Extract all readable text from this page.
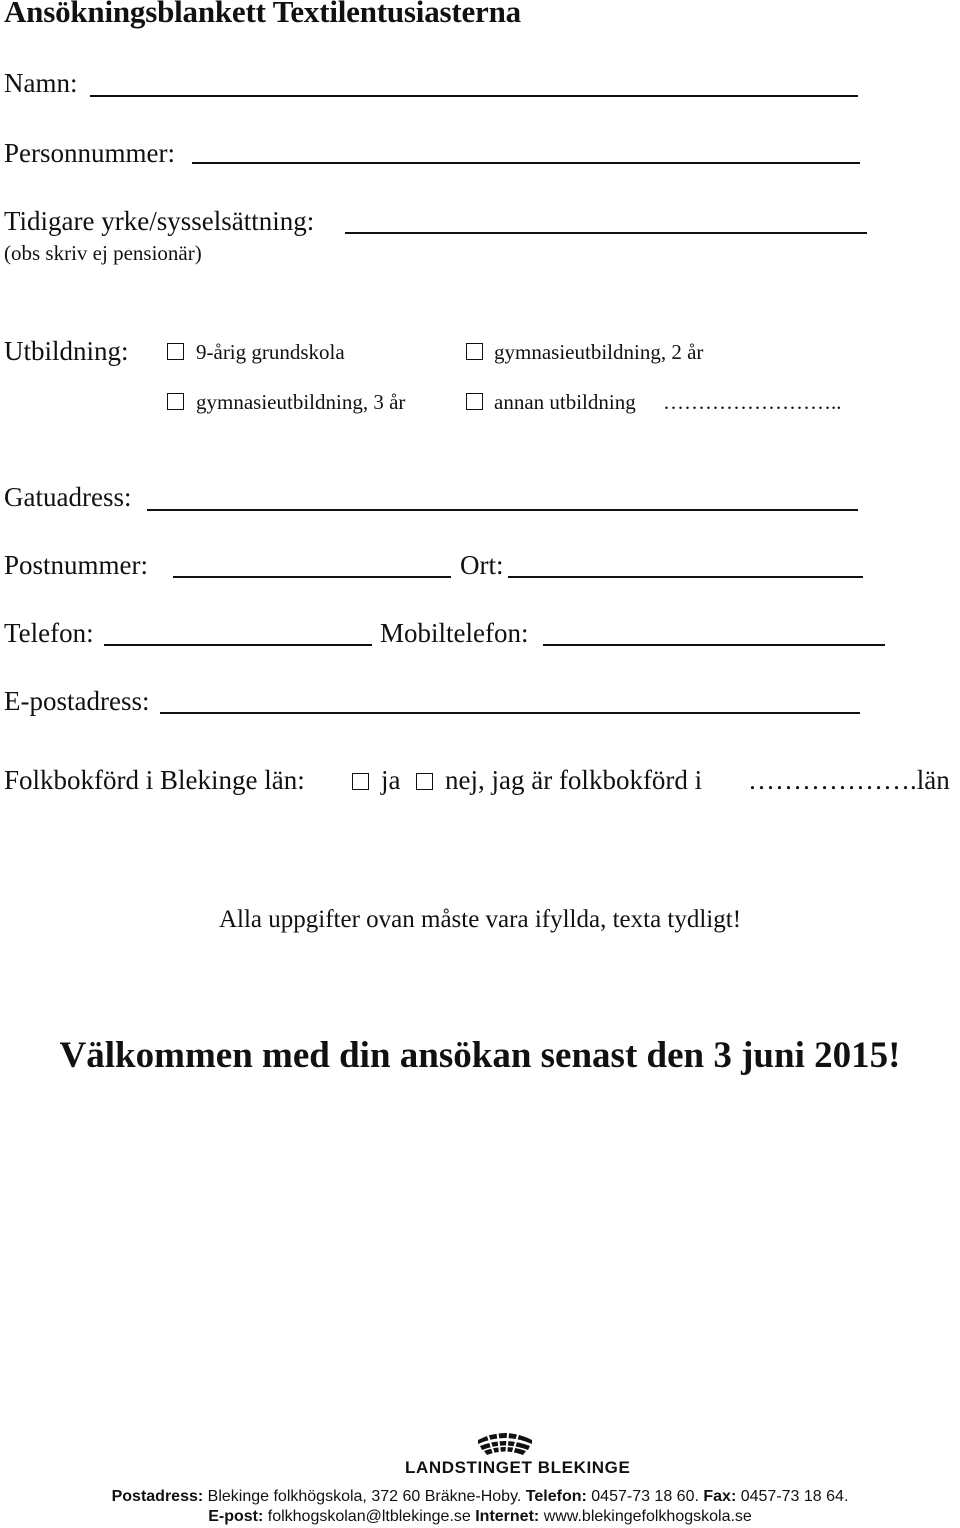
Ansökningsblankett Textilentusiasterna
Namn:
Personnummer:
Tidigare yrke/sysselsättning:
(obs skriv ej pensionär)
Utbildning:	9-årig grundskola	gymnasieutbildning, 2 år
gymnasieutbildning, 3 år	annan utbildning ……………………..
Gatuadress:
Postnummer:	Ort:
Telefon:	Mobiltelefon:
E-postadress:
Folkbokförd i Blekinge län:	ja nej, jag är folkbokförd i ……………….län
Alla uppgifter ovan måste vara ifyllda, texta tydligt!
Välkommen med din ansökan senast den 3 juni 2015!
LANDSTINGET BLEKINGE
Postadress: Blekinge folkhögskola, 372 60 Bräkne-Hoby. Telefon: 0457-73 18 60. Fax: 0457-73 18 64.
E-post: folkhogskolan@ltblekinge.se Internet: www.blekingefolkhogskola.se
